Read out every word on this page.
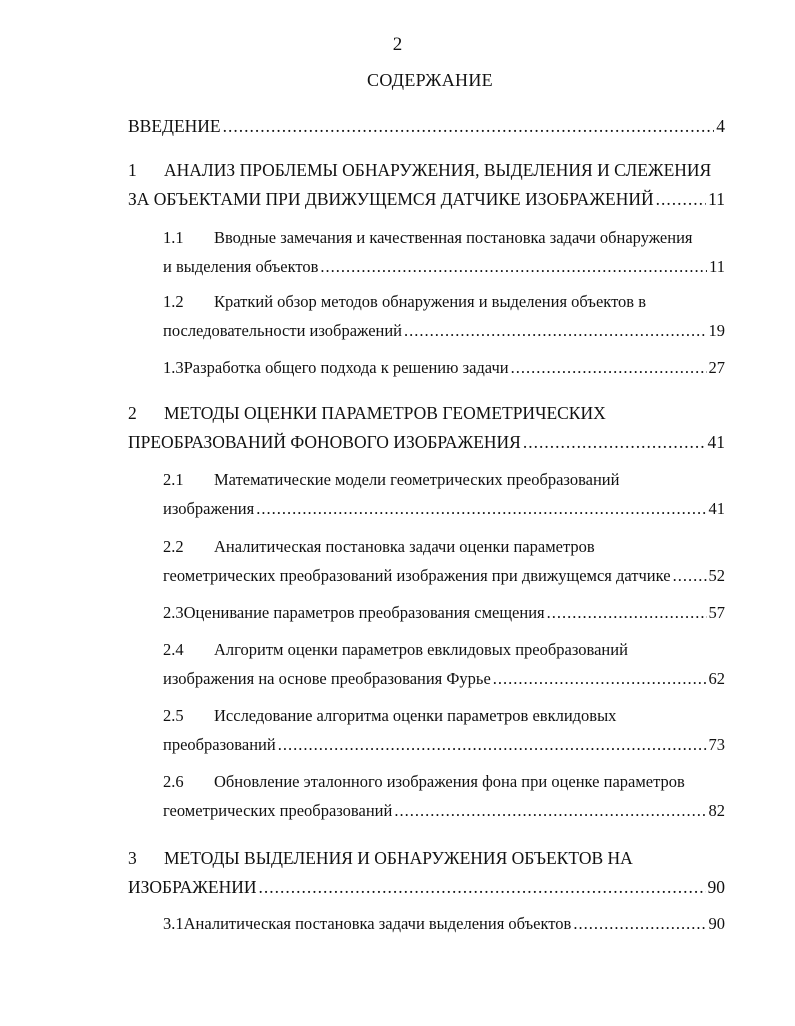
2
СОДЕРЖАНИЕ
ВВЕДЕНИЕ .....	4
1	АНАЛИЗ ПРОБЛЕМЫ ОБНАРУЖЕНИЯ, ВЫДЕЛЕНИЯ И СЛЕЖЕНИЯ
ЗА ОБЪЕКТАМИ ПРИ ДВИЖУЩЕМСЯ ДАТЧИКЕ ИЗОБРАЖЕНИЙ .....	11
1.1	Вводные замечания и качественная постановка задачи обнаружения
и выделения объектов .....	11
1.2	Краткий обзор методов обнаружения и выделения объектов в
последовательности изображений .....	19
1.3 Разработка общего подхода к решению задачи .....	27
2	МЕТОДЫ ОЦЕНКИ ПАРАМЕТРОВ ГЕОМЕТРИЧЕСКИХ
ПРЕОБРАЗОВАНИЙ ФОНОВОГО ИЗОБРАЖЕНИЯ .....	41
2.1	Математические модели геометрических преобразований
изображения .....	41
2.2	Аналитическая постановка задачи оценки параметров
геометрических преобразований изображения при движущемся датчике ..... 52
2.3 Оценивание параметров преобразования смещения .....	57
2.4	Алгоритм оценки параметров евклидовых преобразований
изображения на основе преобразования Фурье .....	62
2.5	Исследование алгоритма оценки параметров евклидовых
преобразований .....	73
2.6	Обновление эталонного изображения фона при оценке параметров
геометрических преобразований .....	82
3	МЕТОДЫ ВЫДЕЛЕНИЯ И ОБНАРУЖЕНИЯ ОБЪЕКТОВ НА
ИЗОБРАЖЕНИИ .....	90
3.1 Аналитическая постановка задачи выделения объектов .....	90
